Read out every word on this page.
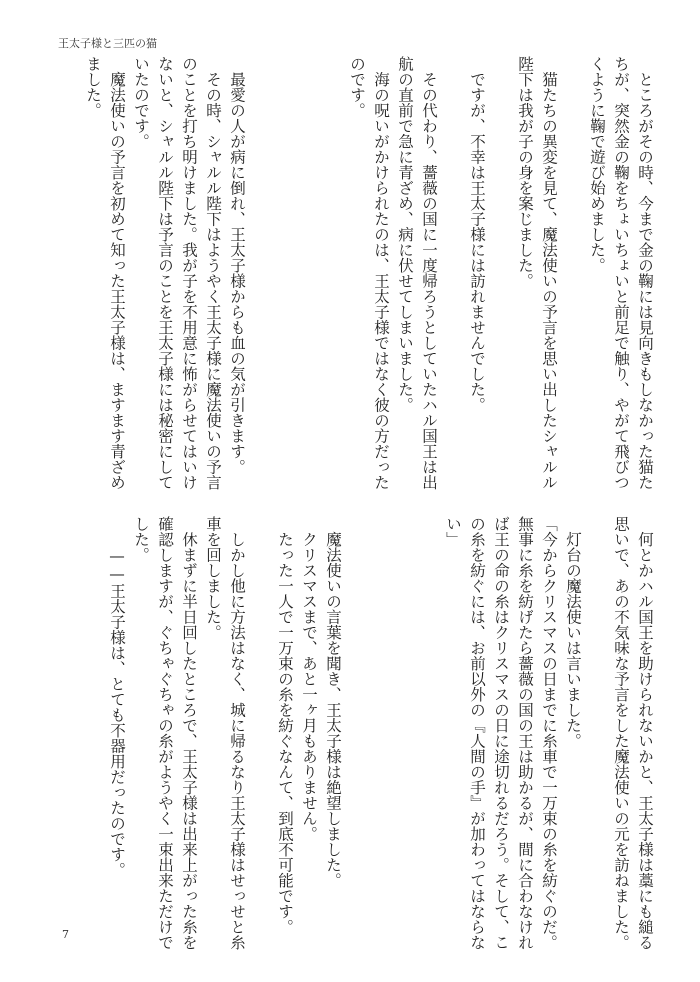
王太子様と三匹の猫
　ところがその時、今まで金の鞠には見向きもしなかった猫た
ちが、突然金の鞠をちょいちょいと前足で触り、やがて飛びつ
くように鞠で遊び始めました。
　猫たちの異変を見て、魔法使いの予言を思い出したシャルル
陛下は我が子の身を案じました。
　ですが、不幸は王太子様には訪れませんでした。
　その代わり、薔薇の国に一度帰ろうとしていたハル国王は出
航の直前で急に青ざめ、病に伏せてしまいました。
　海の呪いがかけられたのは、王太子様ではなく彼の方だった
のです。
　最愛の人が病に倒れ、王太子様からも血の気が引きます。
　その時、シャルル陛下はようやく王太子様に魔法使いの予言
のことを打ち明けました。我が子を不用意に怖がらせてはいけ
ないと、シャルル陛下は予言のことを王太子様には秘密にして
いたのです。
　魔法使いの予言を初めて知った王太子様は、ますます青ざめ
ました。
　何とかハル国王を助けられないかと、王太子様は藁にも縋る
思いで、あの不気味な予言をした魔法使いの元を訪ねました。
　灯台の魔法使いは言いました。
「今からクリスマスの日までに糸車で一万束の糸を紡ぐのだ。
無事に糸を紡げたら薔薇の国の王は助かるが、間に合わなけれ
ば王の命の糸はクリスマスの日に途切れるだろう。そして、こ
の糸を紡ぐには、お前以外の『人間の手』が加わってはならな
い」
　魔法使いの言葉を聞き、王太子様は絶望しました。
　クリスマスまで、あと一ヶ月もありません。
　たった一人で一万束の糸を紡ぐなんて、到底不可能です。
　しかし他に方法はなく、城に帰るなり王太子様はせっせと糸
車を回しました。
　休まずに半日回したところで、王太子様は出来上がった糸を
確認しますが、ぐちゃぐちゃの糸がようやく一束出来ただけで
した。
　　——王太子様は、とても不器用だったのです。
7
